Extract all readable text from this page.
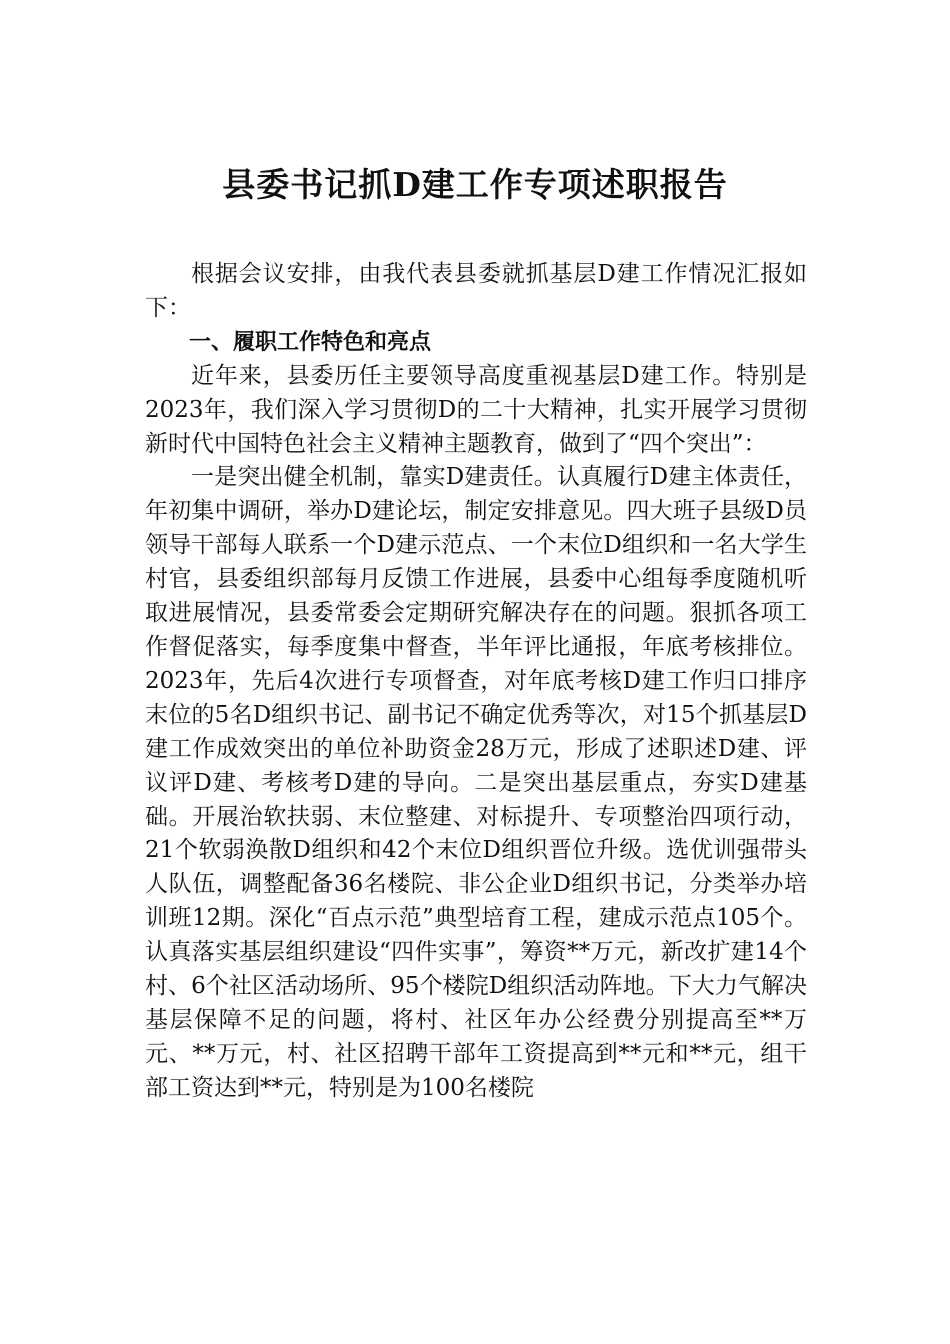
县委书记抓D建工作专项述职报告

根据会议安排，由我代表县委就抓基层D建工作情况汇报如下：

一、履职工作特色和亮点

近年来，县委历任主要领导高度重视基层D建工作。特别是2023年，我们深入学习贯彻D的二十大精神，扎实开展学习贯彻新时代中国特色社会主义精神主题教育，做到了“四个突出”：

一是突出健全机制，靠实D建责任。认真履行D建主体责任，年初集中调研，举办D建论坛，制定安排意见。四大班子县级D员领导干部每人联系一个D建示范点、一个末位D组织和一名大学生村官，县委组织部每月反馈工作进展，县委中心组每季度随机听取进展情况，县委常委会定期研究解决存在的问题。狠抓各项工作督促落实，每季度集中督查，半年评比通报，年底考核排位。2023年，先后4次进行专项督查，对年底考核D建工作归口排序末位的5名D组织书记、副书记不确定优秀等次，对15个抓基层D建工作成效突出的单位补助资金28万元，形成了述职述D建、评议评D建、考核考D建的导向。二是突出基层重点，夯实D建基础。开展治软扶弱、末位整建、对标提升、专项整治四项行动，21个软弱涣散D组织和42个末位D组织晋位升级。选优训强带头人队伍，调整配备36名楼院、非公企业D组织书记，分类举办培训班12期。深化“百点示范”典型培育工程，建成示范点105个。认真落实基层组织建设“四件实事”，筹资**万元，新改扩建14个村、6个社区活动场所、95个楼院D组织活动阵地。下大力气解决基层保障不足的问题，将村、社区年办公经费分别提高至**万元、**万元，村、社区招聘干部年工资提高到**元和**元，组干部工资达到**元，特别是为100名楼院
